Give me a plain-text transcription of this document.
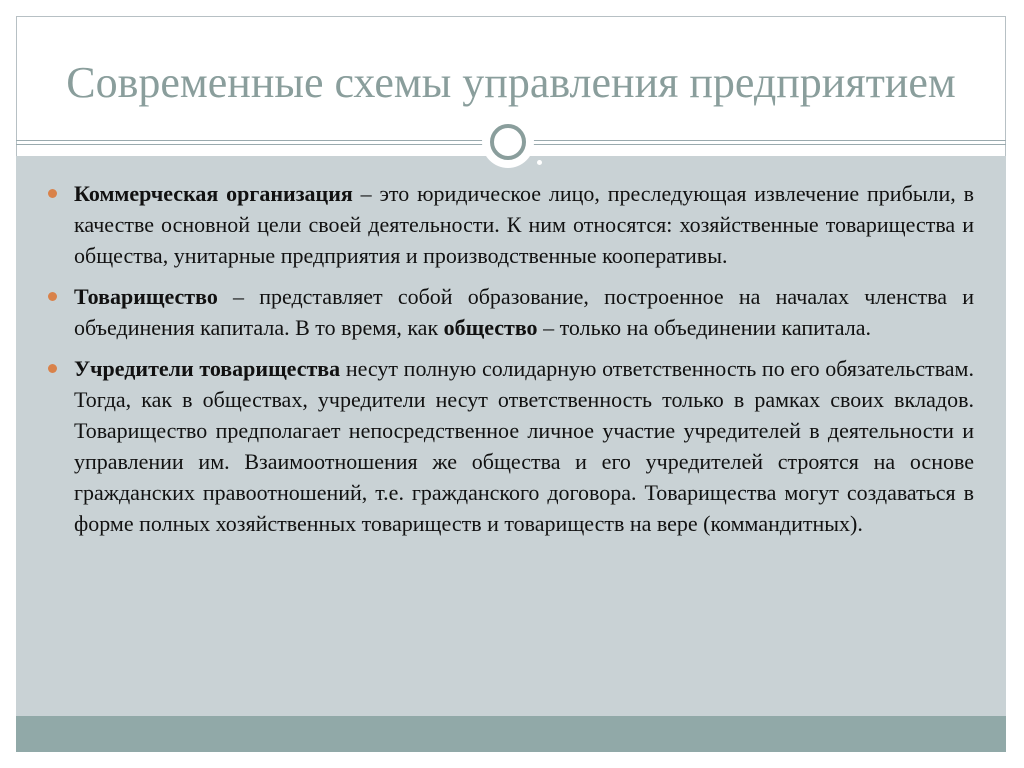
Современные схемы управления предприятием
Коммерческая организация – это юридическое лицо, преследующая извлечение прибыли, в качестве основной цели своей деятельности. К ним относятся: хозяйственные товарищества и общества, унитарные предприятия и производственные кооперативы.
Товарищество – представляет собой образование, построенное на началах членства и объединения капитала. В то время, как общество – только на объединении капитала.
Учредители товарищества несут полную солидарную ответственность по его обязательствам. Тогда, как в обществах, учредители несут ответственность только в рамках своих вкладов. Товарищество предполагает непосредственное личное участие учредителей в деятельности и управлении им. Взаимоотношения же общества и его учредителей строятся на основе гражданских правоотношений, т.е. гражданского договора. Товарищества могут создаваться в форме полных хозяйственных товариществ и товариществ на вере (коммандитных).
